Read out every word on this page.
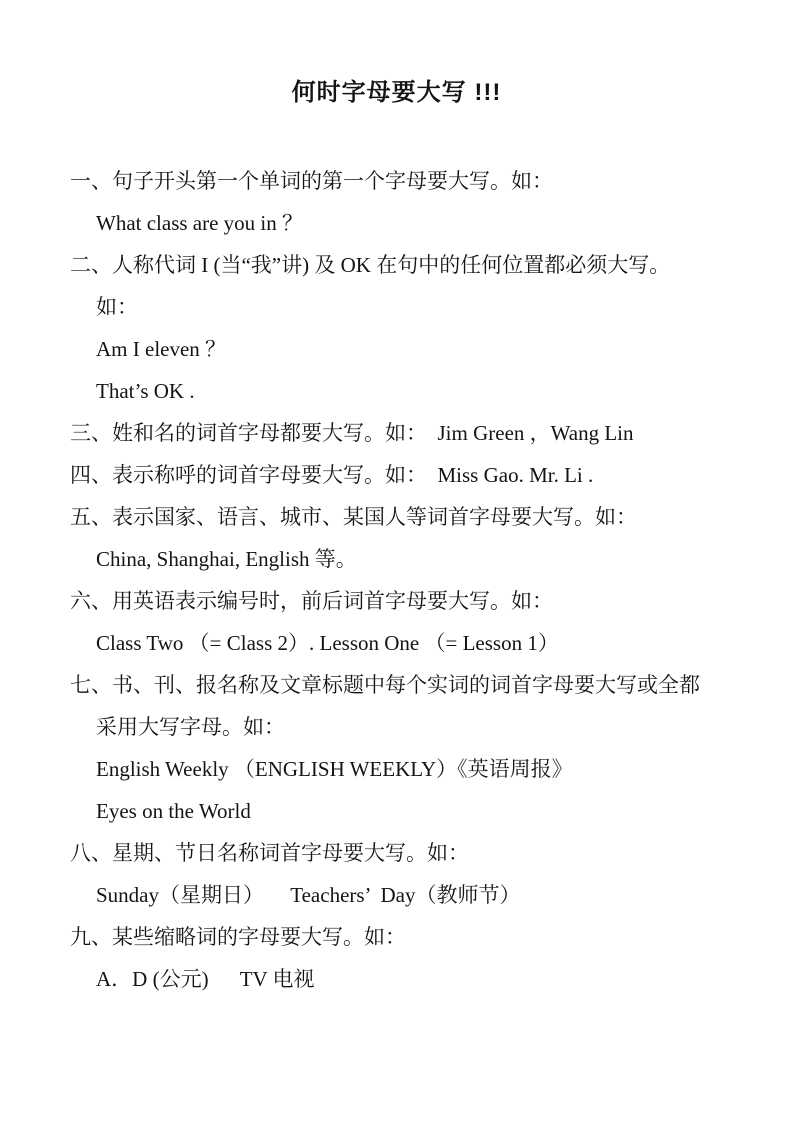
何时字母要大写 !!!
一、句子开头第一个单词的第一个字母要大写。如：
What class are you in ？
二、人称代词 I (当“我”讲) 及 OK 在句中的任何位置都必须大写。
如：
Am I eleven ？
That’s OK .
三、姓和名的词首字母都要大写。如：  Jim Green ，Wang Lin
四、表示称呼的词首字母要大写。如：  Miss Gao. Mr. Li .
五、表示国家、语言、城市、某国人等词首字母要大写。如：
China, Shanghai, English 等。
六、用英语表示编号时，前后词首字母要大写。如：
Class Two （= Class 2）. Lesson One （= Lesson 1）
七、书、刊、报名称及文章标题中每个实词的词首字母要大写或全都
采用大写字母。如：
English Weekly （ENGLISH WEEKLY）《英语周报》
Eyes on the World
八、星期、节日名称词首字母要大写。如：
Sunday（星期日）     Teachers’  Day（教师节）
九、某些缩略词的字母要大写。如：
A．D (公元)      TV 电视
